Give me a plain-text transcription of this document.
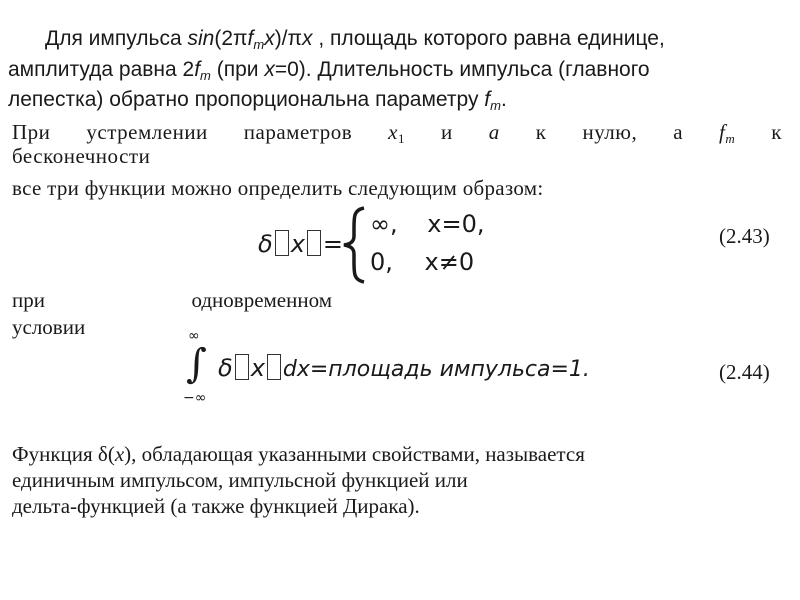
Для импульса $\sin(2\pi f_mx)/\pi x$ , площадь которого равна единице,
амплитуда равна $2f_m$ (при x=0). Длительность импульса (главного
лепестка) обратно пропорциональна параметру $f_m$.
При устремлении параметров $x_1$ и a к нулю, а $f_m$ к
бесконечности
все три функции можно определить следующим образом:
δ x =
∞, x=0,
0, x≠0
(2.43)
при	одновременном
условии	∞
∫
−∞
δ x dx=площадь импульса=1.	(2.44)
Функция δ(x), обладающая указанными свойствами, называется
единичным импульсом, импульсной функцией или
дельта-функцией (а также функцией Дирака).
